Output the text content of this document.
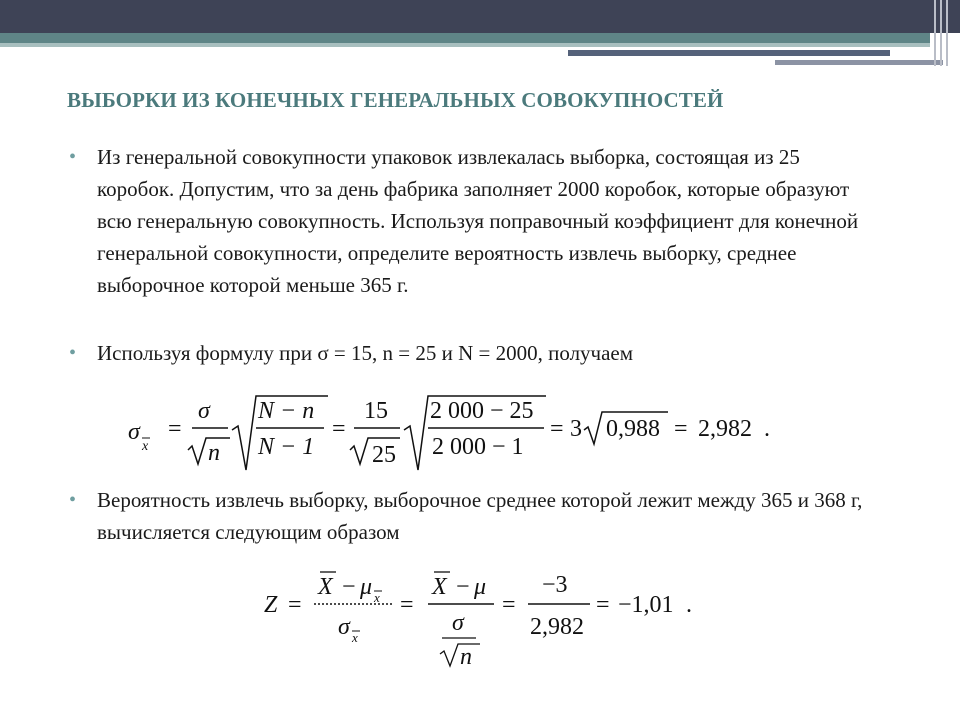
ВЫБОРКИ ИЗ КОНЕЧНЫХ ГЕНЕРАЛЬНЫХ СОВОКУПНОСТЕЙ
• Из генеральной совокупности упаковок извлекалась выборка, состоящая из 25 коробок. Допустим, что за день фабрика заполняет 2000 коробок, которые образуют всю генеральную совокупность. Используя поправочный коэффициент для конечной генеральной совокупности, определите вероятность извлечь выборку, среднее выборочное которой меньше 365 г.
• Используя формулу при σ = 15, n = 25 и N = 2000, получаем
σ
x
=
σ
n
N − n
N − 1
=
15
25
2 000 − 25
2 000 − 1
= 3 0,988 = 2,982 .
• Вероятность извлечь выборку, выборочное среднее которой лежит между 365 и 368 г, вычисляется следующим образом
Z =
X − μ x
σ x
=
X − μ
σ
n
=
−3
2,982
= −1,01 .
